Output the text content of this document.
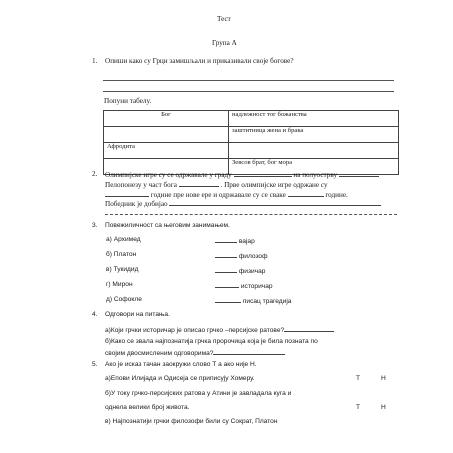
Тест
Група А
1. Опиши како су Грци замишљали и приказивали своје богове?
Попуни табелу.
Бог	надлежност тог божанства
	заштитница жена и брака
Афродита	
	Зевсов брат, бог мора
2. Олимпијске игре су се одржавале у граду	на полуострву
Пелопонезу у част бога	. Прве олимпијске игре одржане су
године пре нове ере и одржавале су се сваке	године.
Победник је добијао
3. Повежиличност са његовим занимањем.
а) Архимед	вајар
б) Платон	филозоф
в) Тукидид	физичар
г) Мирон	историчар
д) Софокле	писац трагедија
4. Одговори на питања.
а)Који грчки историчар је описао грчко –персијске ратове?
б)Како се звала најпознатија грчка пророчица која је била позната по
својим двосмисленим одговорима?
5. Ако је исказ тачан заокружи слово Т а ако није Н.
а)Епови Илијада и Одисеја се приписују Хомеру.	Т	Н
б)У току грчко-персијских ратова у Атини је завладала куга и
однела велики број живота.	Т	Н
в) Најпознатији грчки филозофи били су Сократ, Платон
